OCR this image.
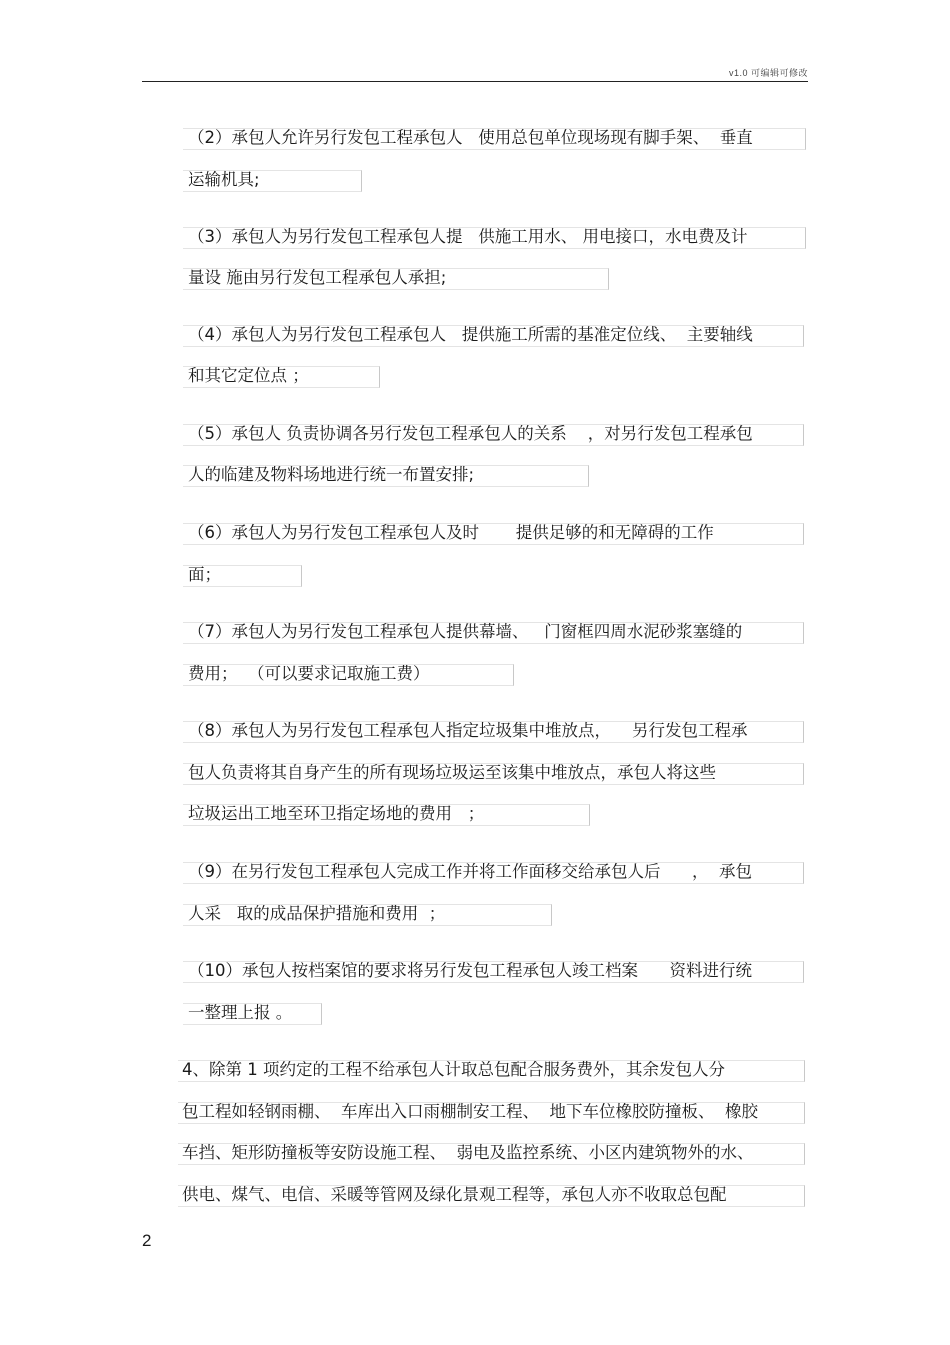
v1.0 可编辑可修改
（2）承包人允许另行发包工程承包人   使用总包单位现场现有脚手架、  垂直
运输机具;
（3）承包人为另行发包工程承包人提   供施工用水、 用电接口，水电费及计
量设 施由另行发包工程承包人承担;
（4）承包人为另行发包工程承包人   提供施工所需的基准定位线、  主要轴线
和其它定位点 ；
（5）承包人 负责协调各另行发包工程承包人的关系    ，对另行发包工程承包
人的临建及物料场地进行统一布置安排;
（6）承包人为另行发包工程承包人及时       提供足够的和无障碍的工作
面；
（7）承包人为另行发包工程承包人提供幕墙、   门窗框四周水泥砂浆塞缝的
费用；  （可以要求记取施工费）
（8）承包人为另行发包工程承包人指定垃圾集中堆放点，    另行发包工程承
包人负责将其自身产生的所有现场垃圾运至该集中堆放点，承包人将这些
垃圾运出工地至环卫指定场地的费用   ；
（9）在另行发包工程承包人完成工作并将工作面移交给承包人后      ，  承包
人采   取的成品保护措施和费用  ；
（10）承包人按档案馆的要求将另行发包工程承包人竣工档案      资料进行统
一整理上报 。
4、除第 1 项约定的工程不给承包人计取总包配合服务费外，其余发包人分
包工程如轻钢雨棚、  车库出入口雨棚制安工程、  地下车位橡胶防撞板、  橡胶
车挡、矩形防撞板等安防设施工程、  弱电及监控系统、小区内建筑物外的水、
供电、煤气、电信、采暖等管网及绿化景观工程等，承包人亦不收取总包配
2
